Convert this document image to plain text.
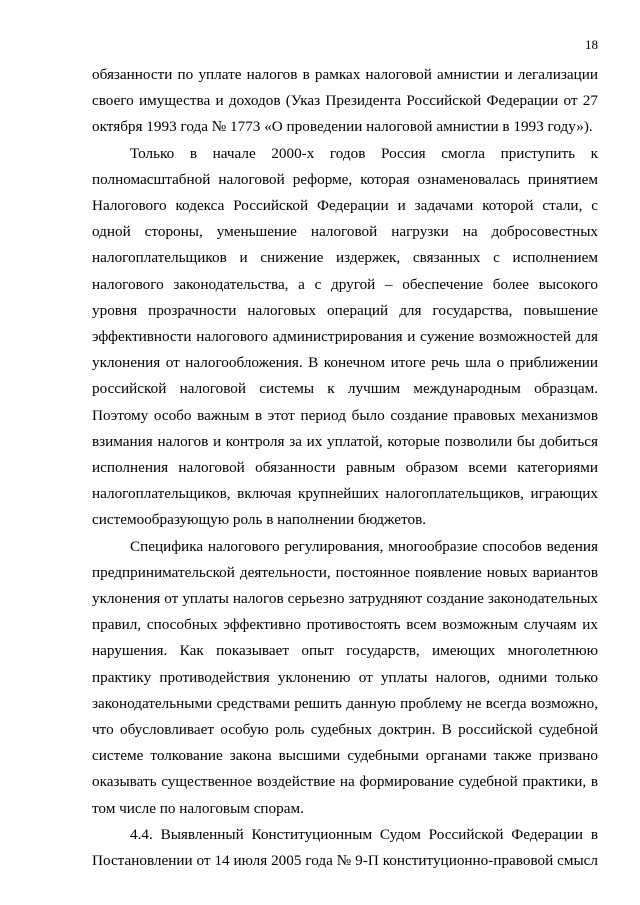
18

обязанности по уплате налогов в рамках налоговой амнистии и легализации своего имущества и доходов (Указ Президента Российской Федерации от 27 октября 1993 года № 1773 «О проведении налоговой амнистии в 1993 году»).

Только в начале 2000-х годов Россия смогла приступить к полномасштабной налоговой реформе, которая ознаменовалась принятием Налогового кодекса Российской Федерации и задачами которой стали, с одной стороны, уменьшение налоговой нагрузки на добросовестных налогоплательщиков и снижение издержек, связанных с исполнением налогового законодательства, а с другой – обеспечение более высокого уровня прозрачности налоговых операций для государства, повышение эффективности налогового администрирования и сужение возможностей для уклонения от налогообложения. В конечном итоге речь шла о приближении российской налоговой системы к лучшим международным образцам. Поэтому особо важным в этот период было создание правовых механизмов взимания налогов и контроля за их уплатой, которые позволили бы добиться исполнения налоговой обязанности равным образом всеми категориями налогоплательщиков, включая крупнейших налогоплательщиков, играющих системообразующую роль в наполнении бюджетов.

Специфика налогового регулирования, многообразие способов ведения предпринимательской деятельности, постоянное появление новых вариантов уклонения от уплаты налогов серьезно затрудняют создание законодательных правил, способных эффективно противостоять всем возможным случаям их нарушения. Как показывает опыт государств, имеющих многолетнюю практику противодействия уклонению от уплаты налогов, одними только законодательными средствами решить данную проблему не всегда возможно, что обусловливает особую роль судебных доктрин. В российской судебной системе толкование закона высшими судебными органами также призвано оказывать существенное воздействие на формирование судебной практики, в том числе по налоговым спорам.

4.4. Выявленный Конституционным Судом Российской Федерации в Постановлении от 14 июля 2005 года № 9-П конституционно-правовой смысл
